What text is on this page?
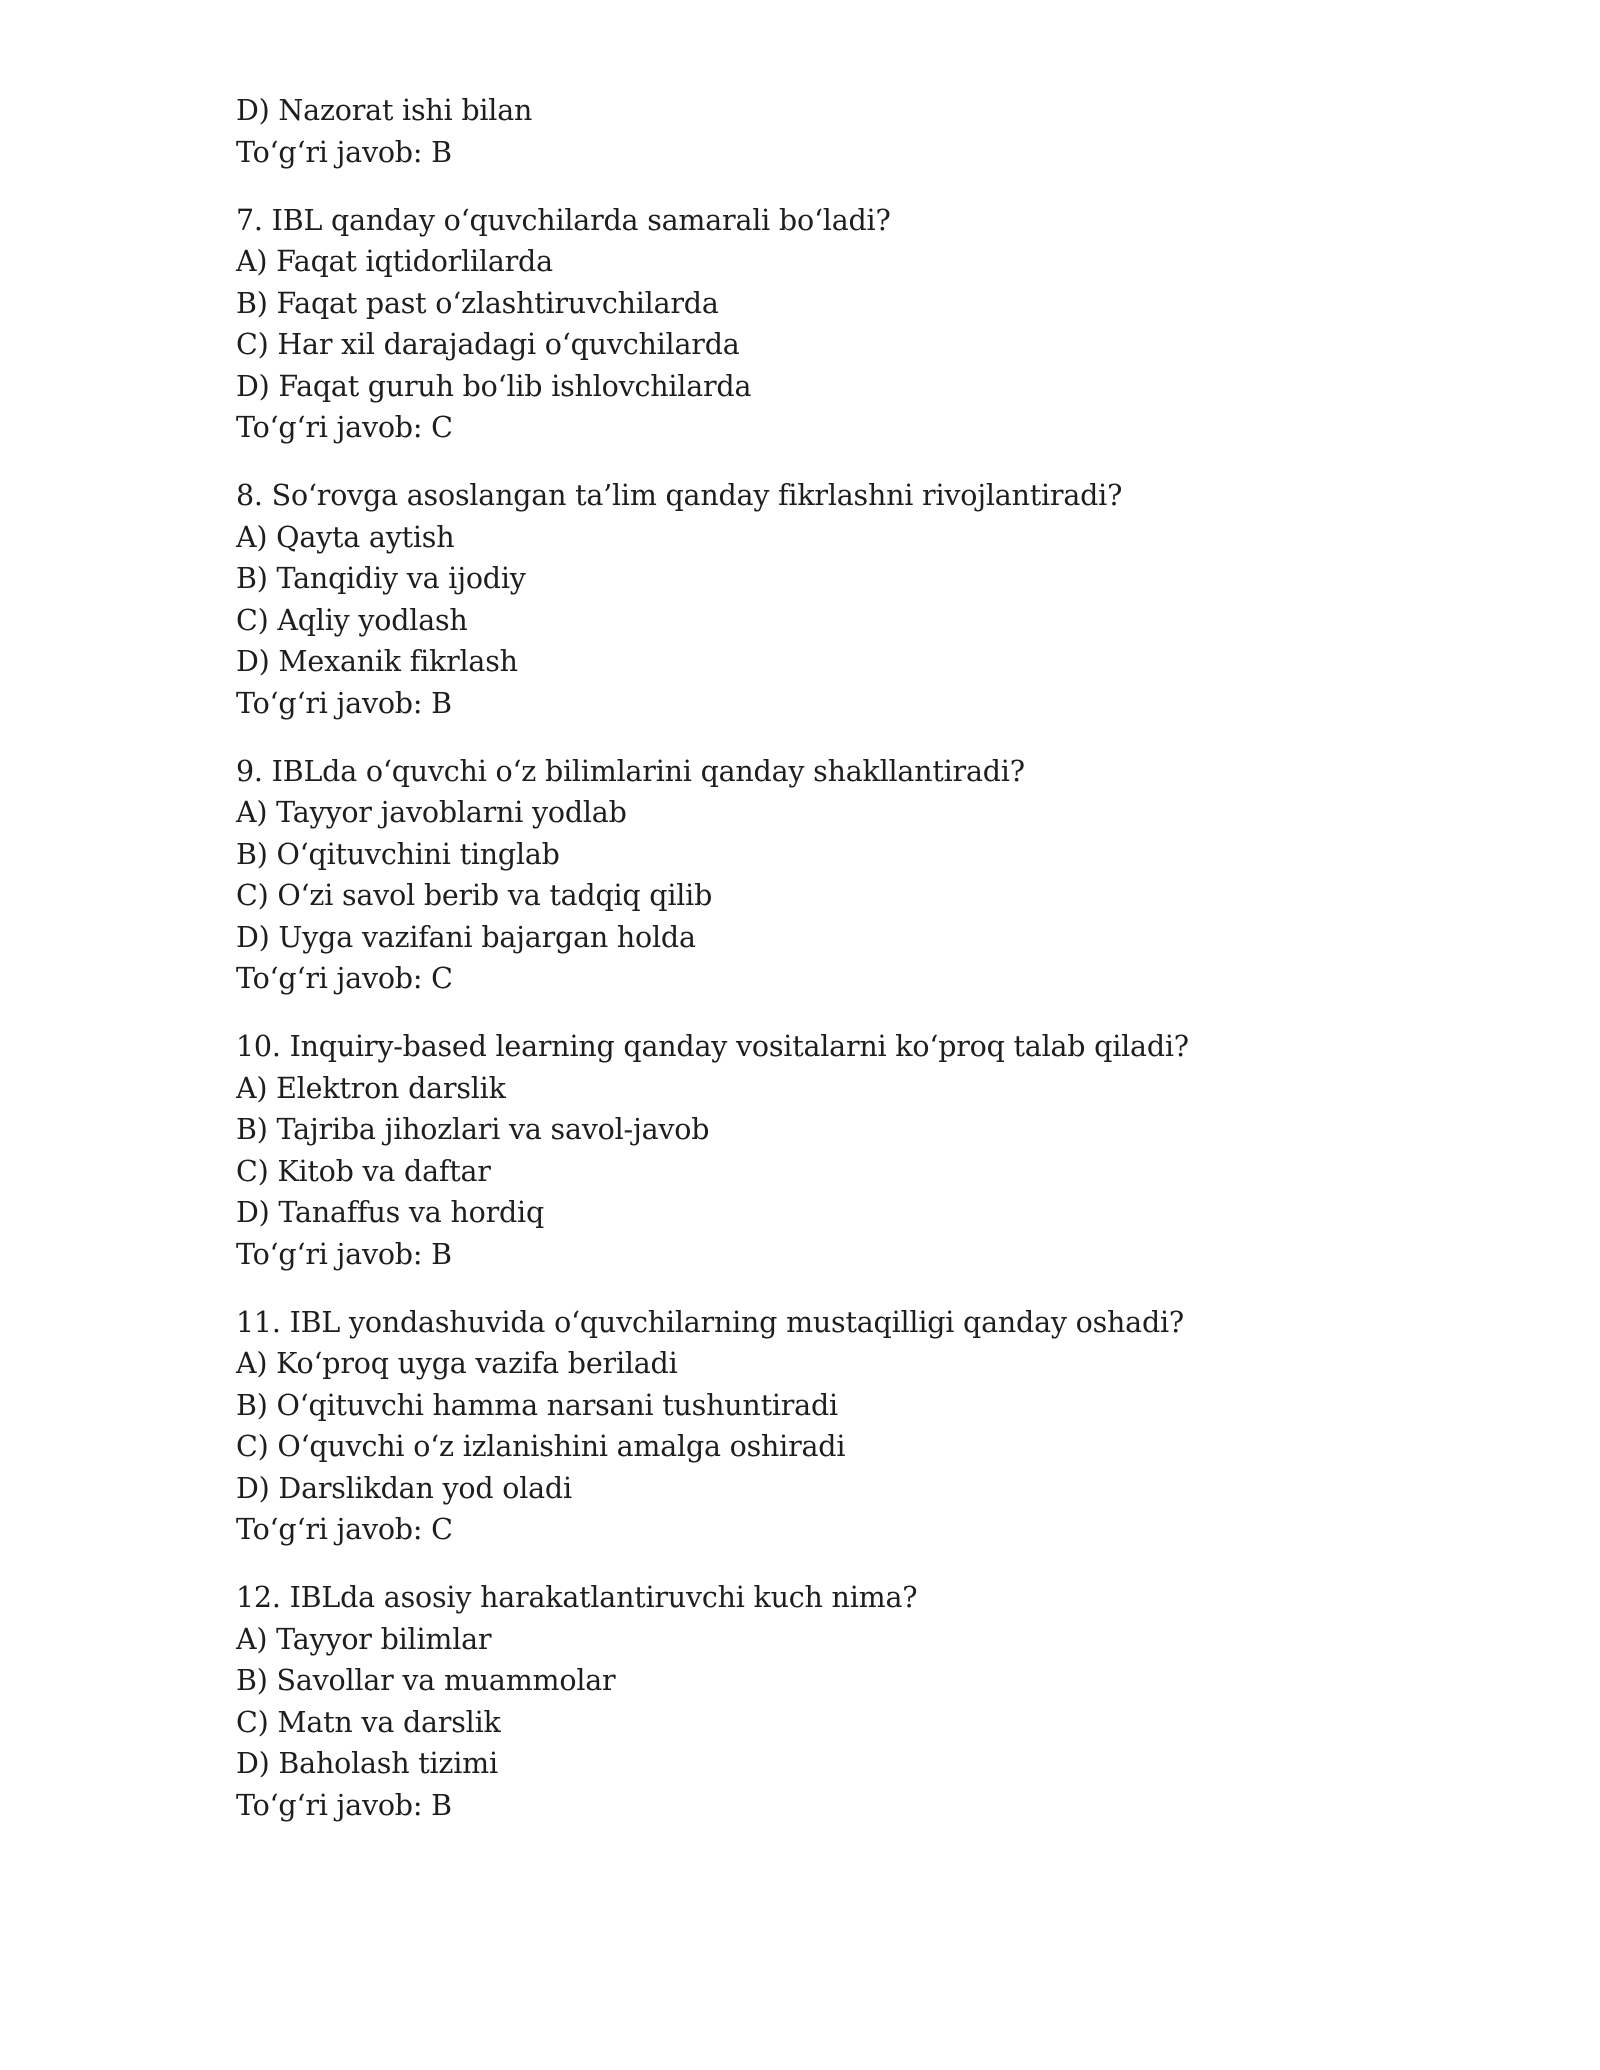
D) Nazorat ishi bilan
To‘g‘ri javob: B
7. IBL qanday o‘quvchilarda samarali bo‘ladi?
A) Faqat iqtidorlilarda
B) Faqat past o‘zlashtiruvchilarda
C) Har xil darajadagi o‘quvchilarda
D) Faqat guruh bo‘lib ishlovchilarda
To‘g‘ri javob: C
8. So‘rovga asoslangan ta’lim qanday fikrlashni rivojlantiradi?
A) Qayta aytish
B) Tanqidiy va ijodiy
C) Aqliy yodlash
D) Mexanik fikrlash
To‘g‘ri javob: B
9. IBLda o‘quvchi o‘z bilimlarini qanday shakllantiradi?
A) Tayyor javoblarni yodlab
B) O‘qituvchini tinglab
C) O‘zi savol berib va tadqiq qilib
D) Uyga vazifani bajargan holda
To‘g‘ri javob: C
10. Inquiry-based learning qanday vositalarni ko‘proq talab qiladi?
A) Elektron darslik
B) Tajriba jihozlari va savol-javob
C) Kitob va daftar
D) Tanaffus va hordiq
To‘g‘ri javob: B
11. IBL yondashuvida o‘quvchilarning mustaqilligi qanday oshadi?
A) Ko‘proq uyga vazifa beriladi
B) O‘qituvchi hamma narsani tushuntiradi
C) O‘quvchi o‘z izlanishini amalga oshiradi
D) Darslikdan yod oladi
To‘g‘ri javob: C
12. IBLda asosiy harakatlantiruvchi kuch nima?
A) Tayyor bilimlar
B) Savollar va muammolar
C) Matn va darslik
D) Baholash tizimi
To‘g‘ri javob: B
